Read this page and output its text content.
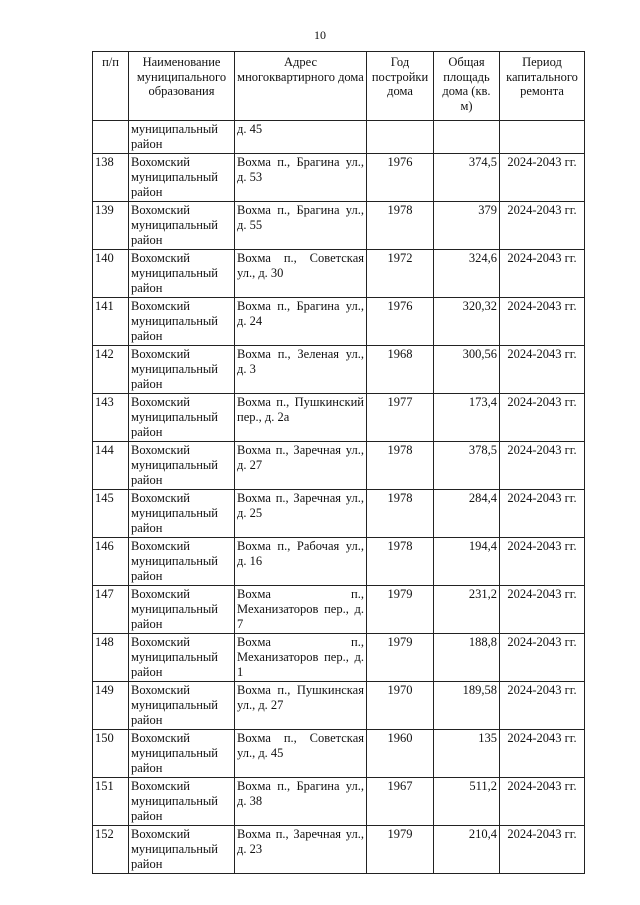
10
п/п	Наименование муниципального образования	Адрес многоквартирного дома	Год постройки дома	Общая площадь дома (кв. м)	Период капитального ремонта
	муниципальный район	д. 45			
138	Вохомский муниципальный район	Вохма п., Брагина ул., д. 53	1976	374,5	2024-2043 гг.
139	Вохомский муниципальный район	Вохма п., Брагина ул., д. 55	1978	379	2024-2043 гг.
140	Вохомский муниципальный район	Вохма п., Советская ул., д. 30	1972	324,6	2024-2043 гг.
141	Вохомский муниципальный район	Вохма п., Брагина ул., д. 24	1976	320,32	2024-2043 гг.
142	Вохомский муниципальный район	Вохма п., Зеленая ул., д. 3	1968	300,56	2024-2043 гг.
143	Вохомский муниципальный район	Вохма п., Пушкинский пер., д. 2а	1977	173,4	2024-2043 гг.
144	Вохомский муниципальный район	Вохма п., Заречная ул., д. 27	1978	378,5	2024-2043 гг.
145	Вохомский муниципальный район	Вохма п., Заречная ул., д. 25	1978	284,4	2024-2043 гг.
146	Вохомский муниципальный район	Вохма п., Рабочая ул., д. 16	1978	194,4	2024-2043 гг.
147	Вохомский муниципальный район	Вохма п., Механизаторов пер., д. 7	1979	231,2	2024-2043 гг.
148	Вохомский муниципальный район	Вохма п., Механизаторов пер., д. 1	1979	188,8	2024-2043 гг.
149	Вохомский муниципальный район	Вохма п., Пушкинская ул., д. 27	1970	189,58	2024-2043 гг.
150	Вохомский муниципальный район	Вохма п., Советская ул., д. 45	1960	135	2024-2043 гг.
151	Вохомский муниципальный район	Вохма п., Брагина ул., д. 38	1967	511,2	2024-2043 гг.
152	Вохомский муниципальный район	Вохма п., Заречная ул., д. 23	1979	210,4	2024-2043 гг.
